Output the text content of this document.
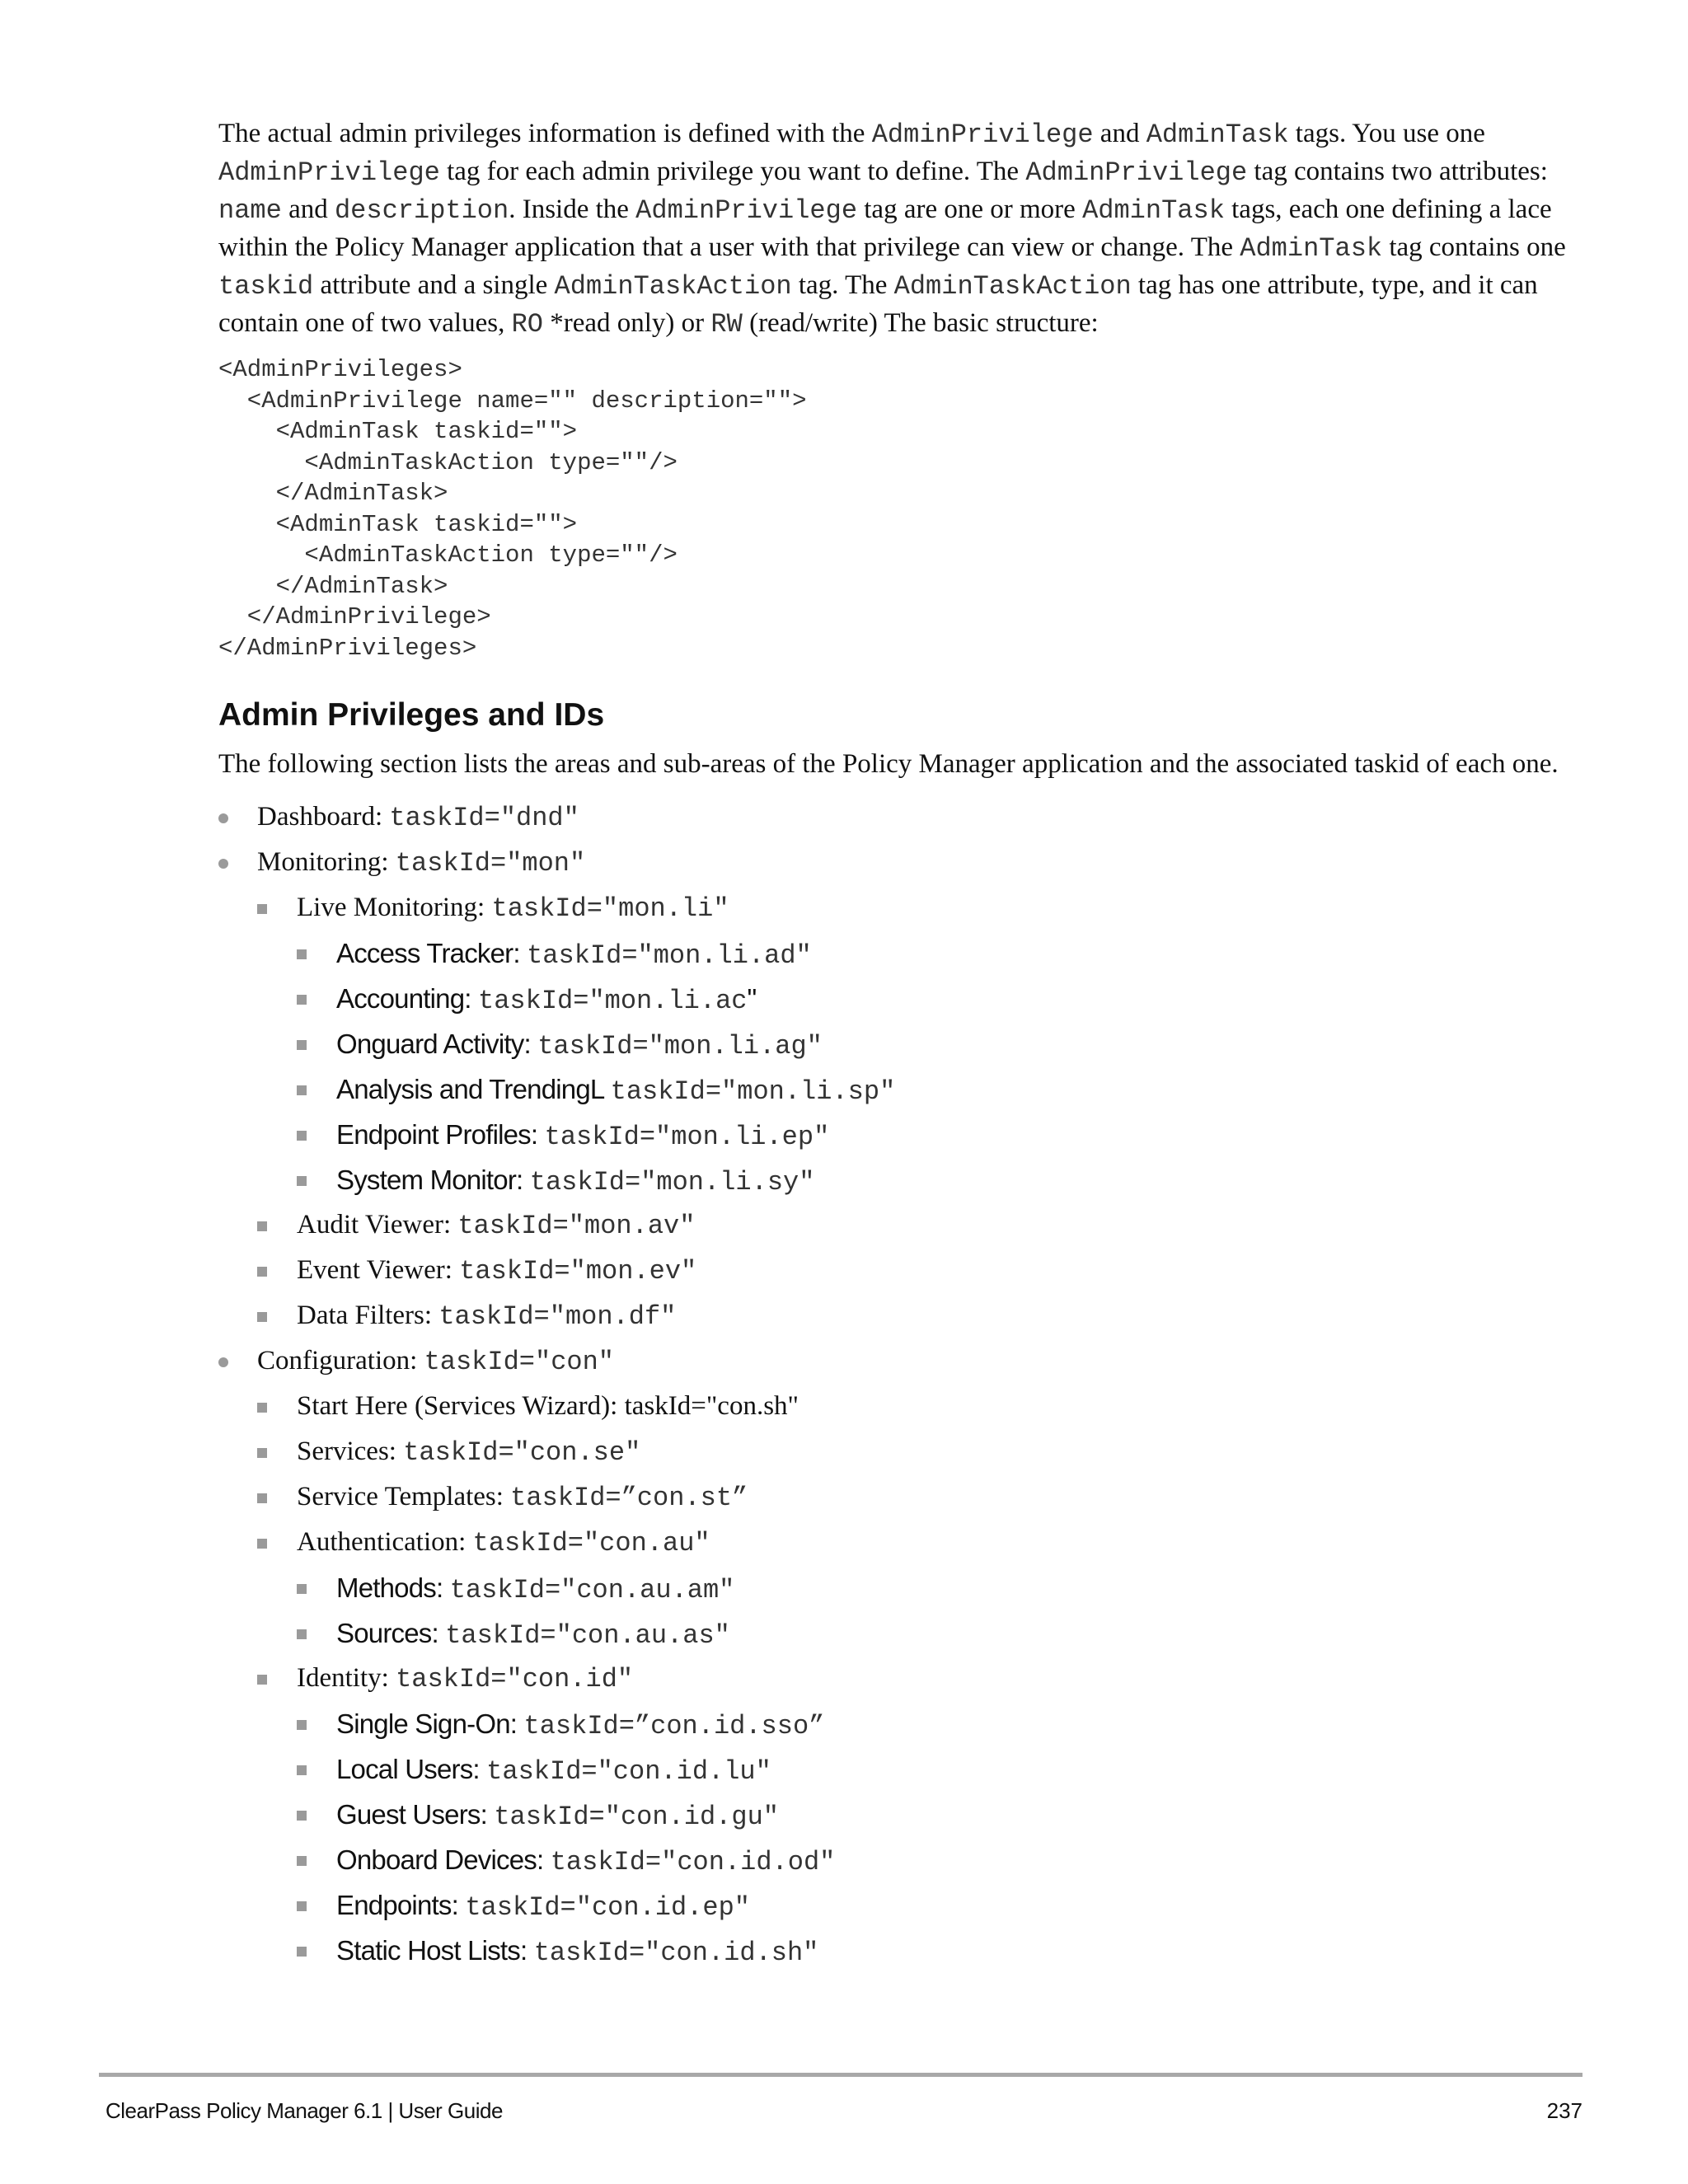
The actual admin privileges information is defined with the AdminPrivilege and AdminTask tags. You use one AdminPrivilege tag for each admin privilege you want to define. The AdminPrivilege tag contains two attributes: name and description. Inside the AdminPrivilege tag are one or more AdminTask tags, each one defining a lace within the Policy Manager application that a user with that privilege can view or change. The AdminTask tag contains one taskid attribute and a single AdminTaskAction tag. The AdminTaskAction tag has one attribute, type, and it can contain one of two values, RO *read only) or RW (read/write) The basic structure:

<AdminPrivileges>
<AdminPrivilege name="" description="">
<AdminTask taskid="">
<AdminTaskAction type=""/>
</AdminTask>
<AdminTask taskid="">
<AdminTaskAction type=""/>
</AdminTask>
</AdminPrivilege>
</AdminPrivileges>
Admin Privileges and IDs

The following section lists the areas and sub-areas of the Policy Manager application and the associated taskid of each one.

Dashboard: taskId="dnd"
Monitoring: taskId="mon"
Live Monitoring: taskId="mon.li"
Access Tracker: taskId="mon.li.ad"
Accounting: taskId="mon.li.ac"
Onguard Activity: taskId="mon.li.ag"
Analysis and TrendingL taskId="mon.li.sp"
Endpoint Profiles: taskId="mon.li.ep"
System Monitor: taskId="mon.li.sy"
Audit Viewer: taskId="mon.av"
Event Viewer: taskId="mon.ev"
Data Filters: taskId="mon.df"
Configuration: taskId="con"
Start Here (Services Wizard): taskId="con.sh"
Services: taskId="con.se"
Service Templates: taskId=”con.st”
Authentication: taskId="con.au"
Methods: taskId="con.au.am"
Sources: taskId="con.au.as"
Identity: taskId="con.id"
Single Sign-On: taskId=”con.id.sso”
Local Users: taskId="con.id.lu"
Guest Users: taskId="con.id.gu"
Onboard Devices: taskId="con.id.od"
Endpoints: taskId="con.id.ep"
Static Host Lists: taskId="con.id.sh"
ClearPass Policy Manager 6.1 | User Guide	237
